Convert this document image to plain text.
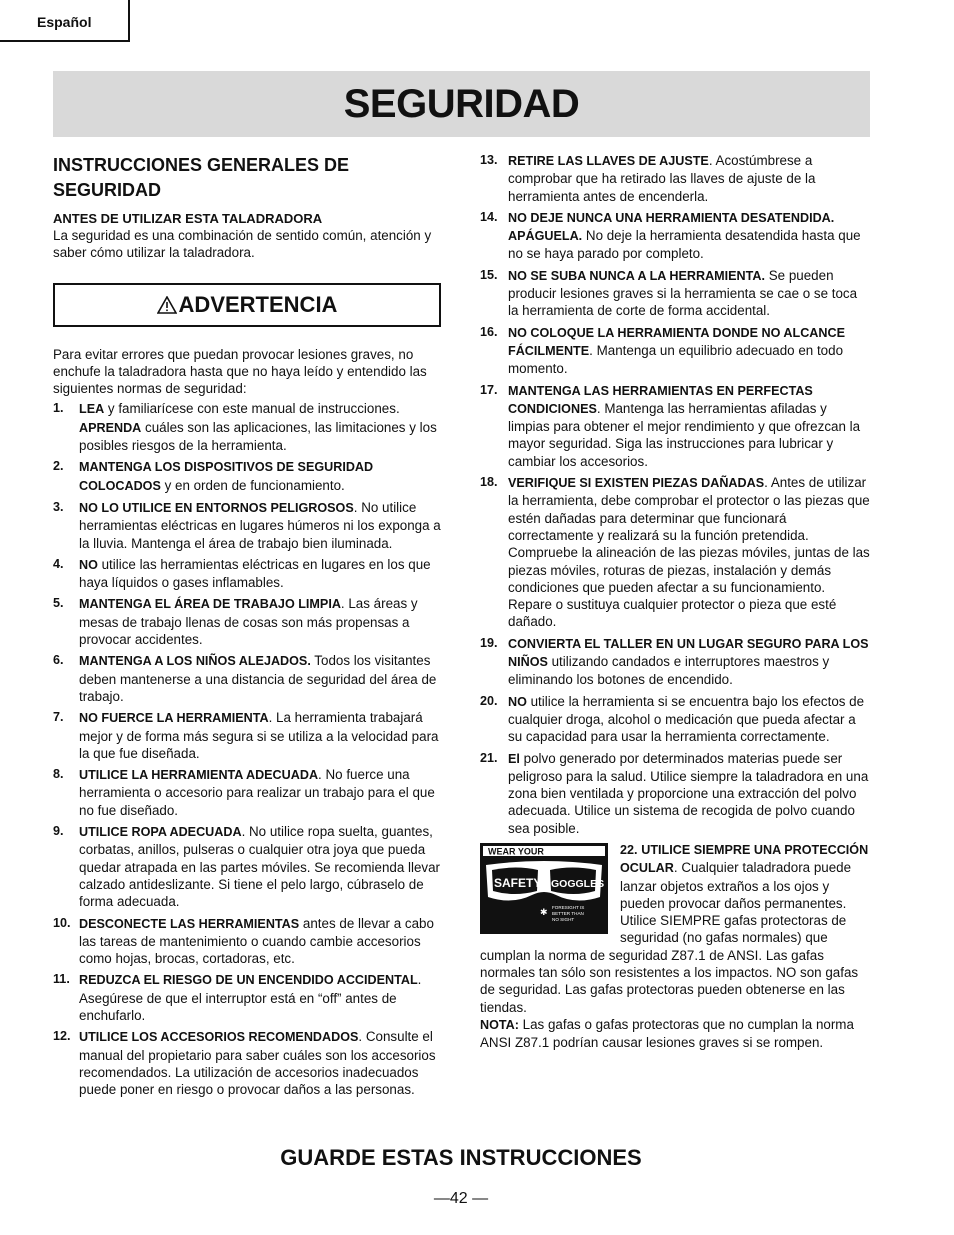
Español
SEGURIDAD
INSTRUCCIONES GENERALES DE SEGURIDAD

ANTES DE UTILIZAR ESTA TALADRADORA

La seguridad es una combinación de sentido común, atención y saber cómo utilizar la taladradora.

ADVERTENCIA

Para evitar errores que puedan provocar lesiones graves, no enchufe la taladradora hasta que no haya leído y entendido las siguientes normas de seguridad:

1. LEA y familiarícese con este manual de instrucciones. APRENDA cuáles son las aplicaciones, las limitaciones y los posibles riesgos de la herramienta.
2. MANTENGA LOS DISPOSITIVOS DE SEGURIDAD COLOCADOS y en orden de funcionamiento.
3. NO LO UTILICE EN ENTORNOS PELIGROSOS. No utilice herramientas eléctricas en lugares húmeros ni los exponga a la lluvia. Mantenga el área de trabajo bien iluminada.
4. NO utilice las herramientas eléctricas en lugares en los que haya líquidos o gases inflamables.
5. MANTENGA EL ÁREA DE TRABAJO LIMPIA. Las áreas y mesas de trabajo llenas de cosas son más propensas a provocar accidentes.
6. MANTENGA A LOS NIÑOS ALEJADOS. Todos los visitantes deben mantenerse a una distancia de seguridad del área de trabajo.
7. NO FUERCE LA HERRAMIENTA. La herramienta trabajará mejor y de forma más segura si se utiliza a la velocidad para la que fue diseñada.
8. UTILICE LA HERRAMIENTA ADECUADA. No fuerce una herramienta o accesorio para realizar un trabajo para el que no fue diseñado.
9. UTILICE ROPA ADECUADA. No utilice ropa suelta, guantes, corbatas, anillos, pulseras o cualquier otra joya que pueda quedar atrapada en las partes móviles. Se recomienda llevar calzado antideslizante. Si tiene el pelo largo, cúbraselo de forma adecuada.
10. DESCONECTE LAS HERRAMIENTAS antes de llevar a cabo las tareas de mantenimiento o cuando cambie accesorios como hojas, brocas, cortadoras, etc.
11. REDUZCA EL RIESGO DE UN ENCENDIDO ACCIDENTAL. Asegúrese de que el interruptor está en “off” antes de enchufarlo.
12. UTILICE LOS ACCESORIOS RECOMENDADOS. Consulte el manual del propietario para saber cuáles son los accesorios recomendados. La utilización de accesorios inadecuados puede poner en riesgo o provocar daños a las personas.
13. RETIRE LAS LLAVES DE AJUSTE. Acostúmbrese a comprobar que ha retirado las llaves de ajuste de la herramienta antes de encenderla.
14. NO DEJE NUNCA UNA HERRAMIENTA DESATENDIDA. APÁGUELA. No deje la herramienta desatendida hasta que no se haya parado por completo.
15. NO SE SUBA NUNCA A LA HERRAMIENTA. Se pueden producir lesiones graves si la herramienta se cae o se toca la herramienta de corte de forma accidental.
16. NO COLOQUE LA HERRAMIENTA DONDE NO ALCANCE FÁCILMENTE. Mantenga un equilibrio adecuado en todo momento.
17. MANTENGA LAS HERRAMIENTAS EN PERFECTAS CONDICIONES. Mantenga las herramientas afiladas y limpias para obtener el mejor rendimiento y que ofrezcan la mayor seguridad. Siga las instrucciones para lubricar y cambiar los accesorios.
18. VERIFIQUE SI EXISTEN PIEZAS DAÑADAS. Antes de utilizar la herramienta, debe comprobar el protector o las piezas que estén dañadas para determinar que funcionará correctamente y realizará su la función pretendida. Compruebe la alineación de las piezas móviles, juntas de las piezas móviles, roturas de piezas, instalación y demás condiciones que pueden afectar a su funcionamiento. Repare o sustituya cualquier protector o pieza que esté dañado.
19. CONVIERTA EL TALLER EN UN LUGAR SEGURO PARA LOS NIÑOS utilizando candados e interruptores maestros y eliminando los botones de encendido.
20. NO utilice la herramienta si se encuentra bajo los efectos de cualquier droga, alcohol o medicación que pueda afectar a su capacidad para usar la herramienta correctamente.
21. El polvo generado por determinados materias puede ser peligroso para la salud. Utilice siempre la taladradora en una zona bien ventilada y proporcione una extracción del polvo adecuada. Utilice un sistema de recogida de polvo cuando sea posible.
WEAR YOUR
SAFETY GOGGLES
✱
FORESIGHT IS BETTER THAN NO SIGHT

22. UTILICE SIEMPRE UNA PROTECCIÓN OCULAR. Cualquier taladradora puede lanzar objetos extraños a los ojos y pueden provocar daños permanentes. Utilice SIEMPRE gafas protectoras de seguridad (no gafas normales) que cumplan la norma de seguridad Z87.1 de ANSI. Las gafas normales tan sólo son resistentes a los impactos. NO son gafas de seguridad. Las gafas protectoras pueden obtenerse en las tiendas.

NOTA: Las gafas o gafas protectoras que no cumplan la norma ANSI Z87.1 podrían causar lesiones graves si se rompen.

GUARDE ESTAS INSTRUCCIONES
—42 —
